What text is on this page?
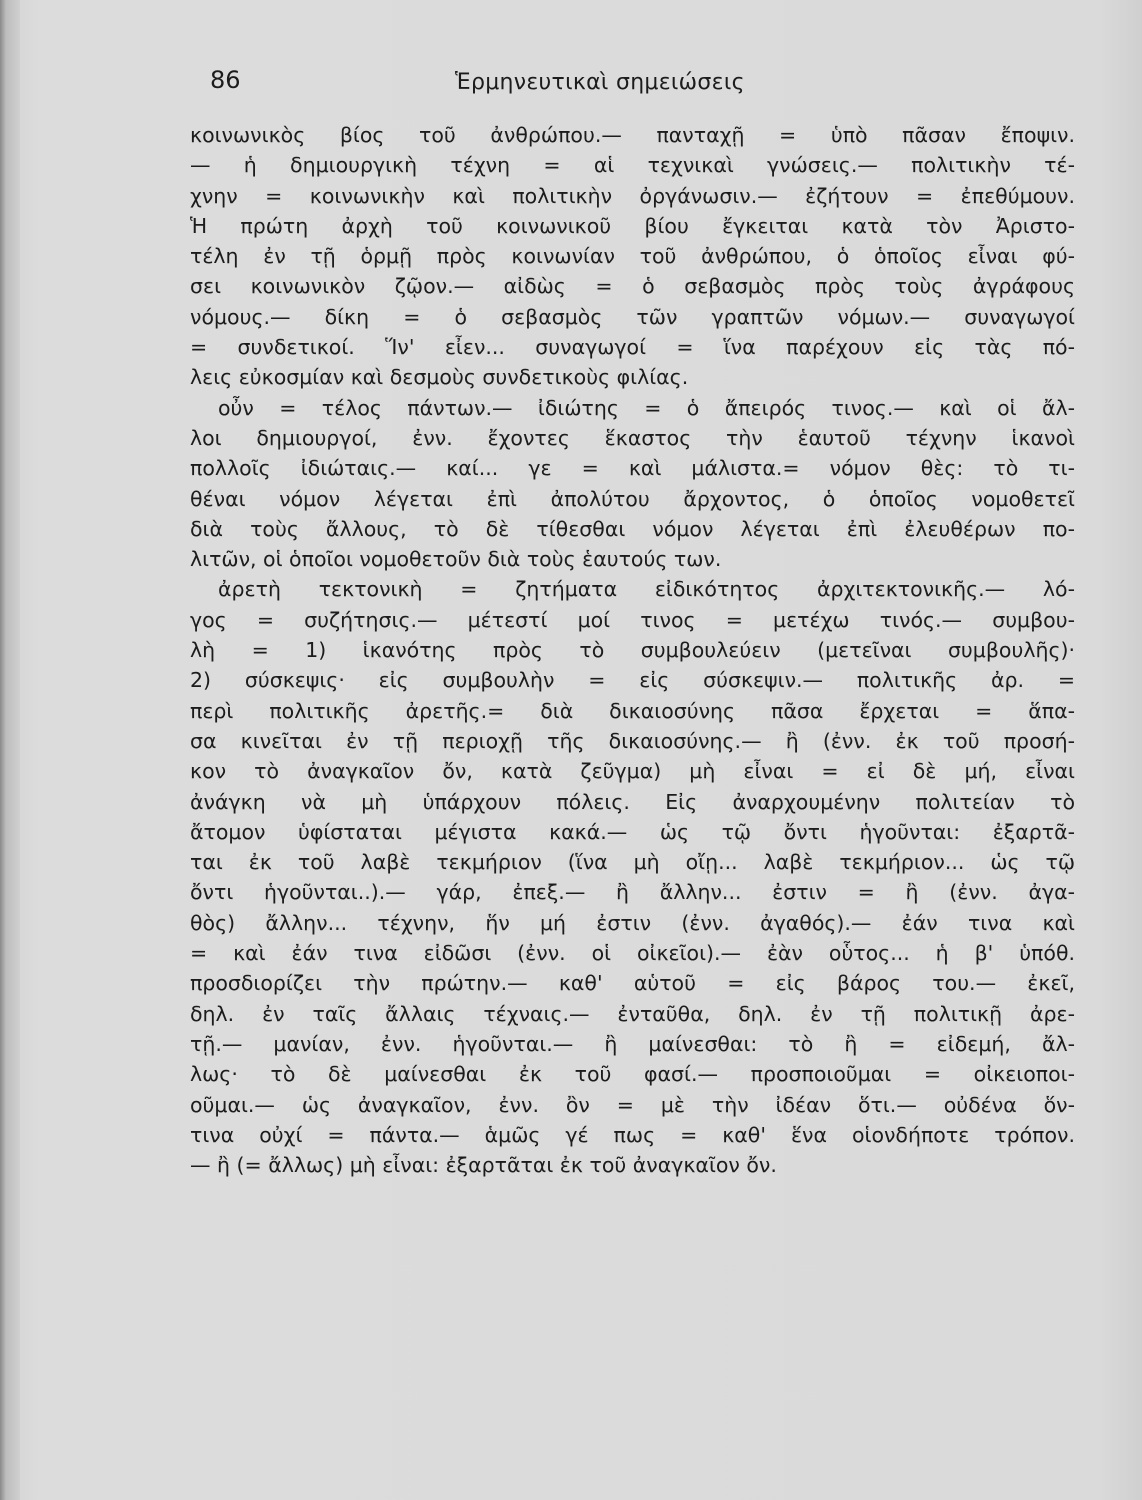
86	Ἑρμηνευτικαὶ σημειώσεις
κοινωνικὸς βίος τοῦ ἀνθρώπου.— πανταχῇ = ὑπὸ πᾶσαν ἔποψιν.
— ἡ δημιουργικὴ τέχνη = αἱ τεχνικαὶ γνώσεις.— πολιτικὴν τέ-
χνην = κοινωνικὴν καὶ πολιτικὴν ὀργάνωσιν.— ἐζήτουν = ἐπεθύμουν.
Ἡ πρώτη ἀρχὴ τοῦ κοινωνικοῦ βίου ἔγκειται κατὰ τὸν Ἀριστο-
τέλη ἐν τῇ ὁρμῇ πρὸς κοινωνίαν τοῦ ἀνθρώπου, ὁ ὁποῖος εἶναι φύ-
σει κοινωνικὸν ζῷον.— αἰδὼς = ὁ σεβασμὸς πρὸς τοὺς ἀγράφους
νόμους.— δίκη = ὁ σεβασμὸς τῶν γραπτῶν νόμων.— συναγωγοί
= συνδετικοί. Ἵν' εἶεν... συναγωγοί = ἵνα παρέχουν εἰς τὰς πό-
λεις εὐκοσμίαν καὶ δεσμοὺς συνδετικοὺς φιλίας.
οὖν = τέλος πάντων.— ἰδιώτης = ὁ ἄπειρός τινος.— καὶ οἱ ἄλ-
λοι δημιουργοί, ἐνν. ἔχοντες ἕκαστος τὴν ἑαυτοῦ τέχνην ἱκανοὶ
πολλοῖς ἰδιώταις.— καί... γε = καὶ μάλιστα.= νόμον θὲς: τὸ τι-
θέναι νόμον λέγεται ἐπὶ ἀπολύτου ἄρχοντος, ὁ ὁποῖος νομοθετεῖ
διὰ τοὺς ἄλλους, τὸ δὲ τίθεσθαι νόμον λέγεται ἐπὶ ἐλευθέρων πο-
λιτῶν, οἱ ὁποῖοι νομοθετοῦν διὰ τοὺς ἑαυτούς των.
ἀρετὴ τεκτονικὴ = ζητήματα εἰδικότητος ἀρχιτεκτονικῆς.— λό-
γος = συζήτησις.— μέτεστί μοί τινος = μετέχω τινός.— συμβου-
λὴ = 1) ἱκανότης πρὸς τὸ συμβουλεύειν (μετεῖναι συμβουλῆς)·
2) σύσκεψις· εἰς συμβουλὴν = εἰς σύσκεψιν.— πολιτικῆς ἀρ. =
περὶ πολιτικῆς ἀρετῆς.= διὰ δικαιοσύνης πᾶσα ἔρχεται = ἅπα-
σα κινεῖται ἐν τῇ περιοχῇ τῆς δικαιοσύνης.— ἢ (ἐνν. ἐκ τοῦ προσή-
κον τὸ ἀναγκαῖον ὄν, κατὰ ζεῦγμα) μὴ εἶναι = εἰ δὲ μή, εἶναι
ἀνάγκη νὰ μὴ ὑπάρχουν πόλεις. Εἰς ἀναρχουμένην πολιτείαν τὸ
ἄτομον ὑφίσταται μέγιστα κακά.— ὡς τῷ ὄντι ἡγοῦνται: ἐξαρτᾶ-
ται ἐκ τοῦ λαβὲ τεκμήριον (ἵνα μὴ οἴῃ... λαβὲ τεκμήριον... ὡς τῷ
ὄντι ἡγοῦνται..).— γάρ, ἐπεξ.— ἢ ἄλλην... ἐστιν = ἢ (ἐνν. ἀγα-
θὸς) ἄλλην... τέχνην, ἥν μή ἐστιν (ἐνν. ἀγαθός).— ἐάν τινα καὶ
= καὶ ἐάν τινα εἰδῶσι (ἐνν. οἱ οἰκεῖοι).— ἐὰν οὗτος... ἡ β' ὑπόθ.
προσδιορίζει τὴν πρώτην.— καθ' αὑτοῦ = εἰς βάρος του.— ἐκεῖ,
δηλ. ἐν ταῖς ἄλλαις τέχναις.— ἐνταῦθα, δηλ. ἐν τῇ πολιτικῇ ἀρε-
τῇ.— μανίαν, ἐνν. ἡγοῦνται.— ἢ μαίνεσθαι: τὸ ἢ = εἰδεμή, ἄλ-
λως· τὸ δὲ μαίνεσθαι ἐκ τοῦ φασί.— προσποιοῦμαι = οἰκειοποι-
οῦμαι.— ὡς ἀναγκαῖον, ἐνν. ὂν = μὲ τὴν ἰδέαν ὅτι.— οὐδένα ὅν-
τινα οὐχί = πάντα.— ἁμῶς γέ πως = καθ' ἕνα οἱονδήποτε τρόπον.
— ἢ (= ἄλλως) μὴ εἶναι: ἐξαρτᾶται ἐκ τοῦ ἀναγκαῖον ὄν.
